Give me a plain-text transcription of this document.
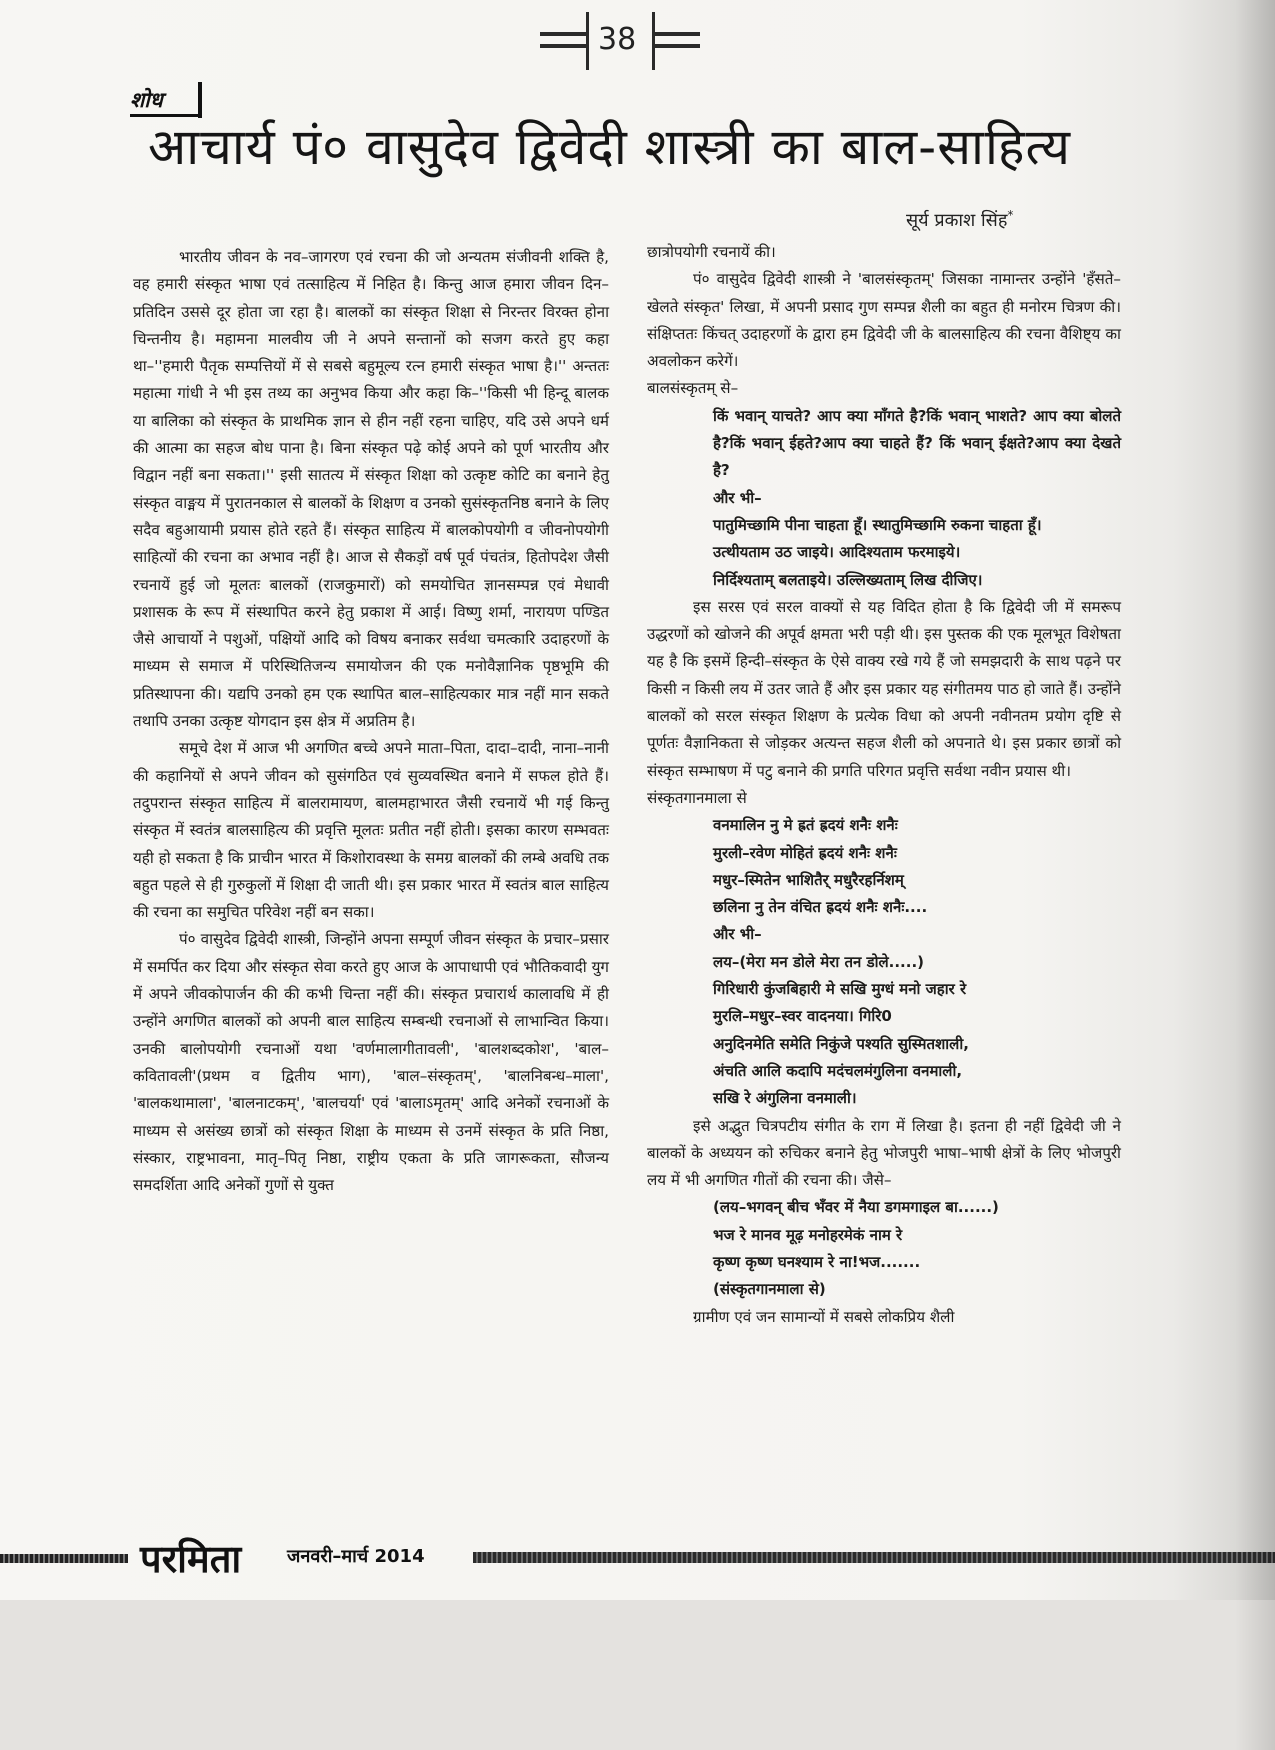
38
शोध
आचार्य पं० वासुदेव द्विवेदी शास्त्री का बाल-साहित्य
सूर्य प्रकाश सिंह*

भारतीय जीवन के नव–जागरण एवं रचना की जो अन्यतम संजीवनी शक्ति है, वह हमारी संस्कृत भाषा एवं तत्साहित्य में निहित है। किन्तु आज हमारा जीवन दिन–प्रतिदिन उससे दूर होता जा रहा है। बालकों का संस्कृत शिक्षा से निरन्तर विरक्त होना चिन्तनीय है। महामना मालवीय जी ने अपने सन्तानों को सजग करते हुए कहा था–''हमारी पैतृक सम्पत्तियों में से सबसे बहुमूल्य रत्न हमारी संस्कृत भाषा है।'' अन्ततः महात्मा गांधी ने भी इस तथ्य का अनुभव किया और कहा कि–''किसी भी हिन्दू बालक या बालिका को संस्कृत के प्राथमिक ज्ञान से हीन नहीं रहना चाहिए, यदि उसे अपने धर्म की आत्मा का सहज बोध पाना है। बिना संस्कृत पढ़े कोई अपने को पूर्ण भारतीय और विद्वान नहीं बना सकता।'' इसी सातत्य में संस्कृत शिक्षा को उत्कृष्ट कोटि का बनाने हेतु संस्कृत वाङ्मय में पुरातनकाल से बालकों के शिक्षण व उनको सुसंस्कृतनिष्ठ बनाने के लिए सदैव बहुआयामी प्रयास होते रहते हैं। संस्कृत साहित्य में बालकोपयोगी व जीवनोपयोगी साहित्यों की रचना का अभाव नहीं है। आज से सैकड़ों वर्ष पूर्व पंचतंत्र, हितोपदेश जैसी रचनायें हुई जो मूलतः बालकों (राजकुमारों) को समयोचित ज्ञानसम्पन्न एवं मेधावी प्रशासक के रूप में संस्थापित करने हेतु प्रकाश में आई। विष्णु शर्मा, नारायण पण्डित जैसे आचार्यो ने पशुओं, पक्षियों आदि को विषय बनाकर सर्वथा चमत्कारि उदाहरणों के माध्यम से समाज में परिस्थितिजन्य समायोजन की एक मनोवैज्ञानिक पृष्ठभूमि की प्रतिस्थापना की। यद्यपि उनको हम एक स्थापित बाल–साहित्यकार मात्र नहीं मान सकते तथापि उनका उत्कृष्ट योगदान इस क्षेत्र में अप्रतिम है।

समूचे देश में आज भी अगणित बच्चे अपने माता–पिता, दादा–दादी, नाना–नानी की कहानियों से अपने जीवन को सुसंगठित एवं सुव्यवस्थित बनाने में सफल होते हैं। तदुपरान्त संस्कृत साहित्य में बालरामायण, बालमहाभारत जैसी रचनायें भी गई किन्तु संस्कृत में स्वतंत्र बालसाहित्य की प्रवृत्ति मूलतः प्रतीत नहीं होती। इसका कारण सम्भवतः यही हो सकता है कि प्राचीन भारत में किशोरावस्था के समग्र बालकों की लम्बे अवधि तक बहुत पहले से ही गुरुकुलों में शिक्षा दी जाती थी। इस प्रकार भारत में स्वतंत्र बाल साहित्य की रचना का समुचित परिवेश नहीं बन सका।

पं० वासुदेव द्विवेदी शास्त्री, जिन्होंने अपना सम्पूर्ण जीवन संस्कृत के प्रचार–प्रसार में समर्पित कर दिया और संस्कृत सेवा करते हुए आज के आपाधापी एवं भौतिकवादी युग में अपने जीवकोपार्जन की की कभी चिन्ता नहीं की। संस्कृत प्रचारार्थ कालावधि में ही उन्होंने अगणित बालकों को अपनी बाल साहित्य सम्बन्धी रचनाओं से लाभान्वित किया। उनकी बालोपयोगी रचनाओं यथा 'वर्णमालागीतावली', 'बालशब्दकोश', 'बाल–कवितावली'(प्रथम व द्वितीय भाग), 'बाल–संस्कृतम्', 'बालनिबन्ध–माला', 'बालकथामाला', 'बालनाटकम्', 'बालचर्या' एवं 'बालाऽमृतम्' आदि अनेकों रचनाओं के माध्यम से असंख्य छात्रों को संस्कृत शिक्षा के माध्यम से उनमें संस्कृत के प्रति निष्ठा, संस्कार, राष्ट्रभावना, मातृ–पितृ निष्ठा, राष्ट्रीय एकता के प्रति जागरूकता, सौजन्य समदर्शिता आदि अनेकों गुणों से युक्त

छात्रोपयोगी रचनायें की।

पं० वासुदेव द्विवेदी शास्त्री ने 'बालसंस्कृतम्' जिसका नामान्तर उन्होंने 'हँसते–खेलते संस्कृत' लिखा, में अपनी प्रसाद गुण सम्पन्न शैली का बहुत ही मनोरम चित्रण की। संक्षिप्ततः किंचत् उदाहरणों के द्वारा हम द्विवेदी जी के बालसाहित्य की रचना वैशिष्ट्य का अवलोकन करेगें।

बालसंस्कृतम् से–

किं भवान् याचते? आप क्या माँगते है?किं भवान् भाशते? आप क्या बोलते है?किं भवान् ईहते?आप क्या चाहते हैं? किं भवान् ईक्षते?आप क्या देखते है?

और भी–

पातुमिच्छामि पीना चाहता हूँ। स्थातुमिच्छामि रुकना चाहता हूँ।

उत्थीयताम उठ जाइये। आदिश्यताम फरमाइये।

निर्दिश्यताम् बलताइये। उल्लिख्यताम् लिख दीजिए।

इस सरस एवं सरल वाक्यों से यह विदित होता है कि द्विवेदी जी में समरूप उद्धरणों को खोजने की अपूर्व क्षमता भरी पड़ी थी। इस पुस्तक की एक मूलभूत विशेषता यह है कि इसमें हिन्दी–संस्कृत के ऐसे वाक्य रखे गये हैं जो समझदारी के साथ पढ़ने पर किसी न किसी लय में उतर जाते हैं और इस प्रकार यह संगीतमय पाठ हो जाते हैं। उन्होंने बालकों को सरल संस्कृत शिक्षण के प्रत्येक विधा को अपनी नवीनतम प्रयोग दृष्टि से पूर्णतः वैज्ञानिकता से जोड़कर अत्यन्त सहज शैली को अपनाते थे। इस प्रकार छात्रों को संस्कृत सम्भाषण में पटु बनाने की प्रगति परिगत प्रवृत्ति सर्वथा नवीन प्रयास थी।

संस्कृतगानमाला से

वनमालिन नु मे ह्रतं ह्रदयं शनैः शनैः

मुरली–रवेण मोहितं ह्रदयं शनैः शनैः

मधुर–स्मितेन भाशितैर् मधुरैरहर्निशम्

छलिना नु तेन वंचित ह्रदयं शनैः शनैः....

और भी–

लय–(मेरा मन डोले मेरा तन डोले.....)

गिरिधारी कुंजबिहारी मे सखि मुग्धं मनो जहार रे

मुरलि–मधुर–स्वर वादनया। गिरि0

अनुदिनमेति समेति निकुंजे पश्यति सुस्मितशाली,

अंचति आलि कदापि मदंचलमंगुलिना वनमाली,

सखि रे अंगुलिना वनमाली।

इसे अद्भुत चित्रपटीय संगीत के राग में लिखा है। इतना ही नहीं द्विवेदी जी ने बालकों के अध्ययन को रुचिकर बनाने हेतु भोजपुरी भाषा–भाषी क्षेत्रों के लिए भोजपुरी लय में भी अगणित गीतों की रचना की। जैसे–

(लय–भगवन् बीच भँवर में नैया डगमगाइल बा......)

भज रे मानव मूढ़ मनोहरमेकं नाम रे

कृष्ण कृष्ण घनश्याम रे ना!भज.......

(संस्कृतगानमाला से)

ग्रामीण एवं जन सामान्यों में सबसे लोकप्रिय शैली

परमिता	जनवरी–मार्च 2014
